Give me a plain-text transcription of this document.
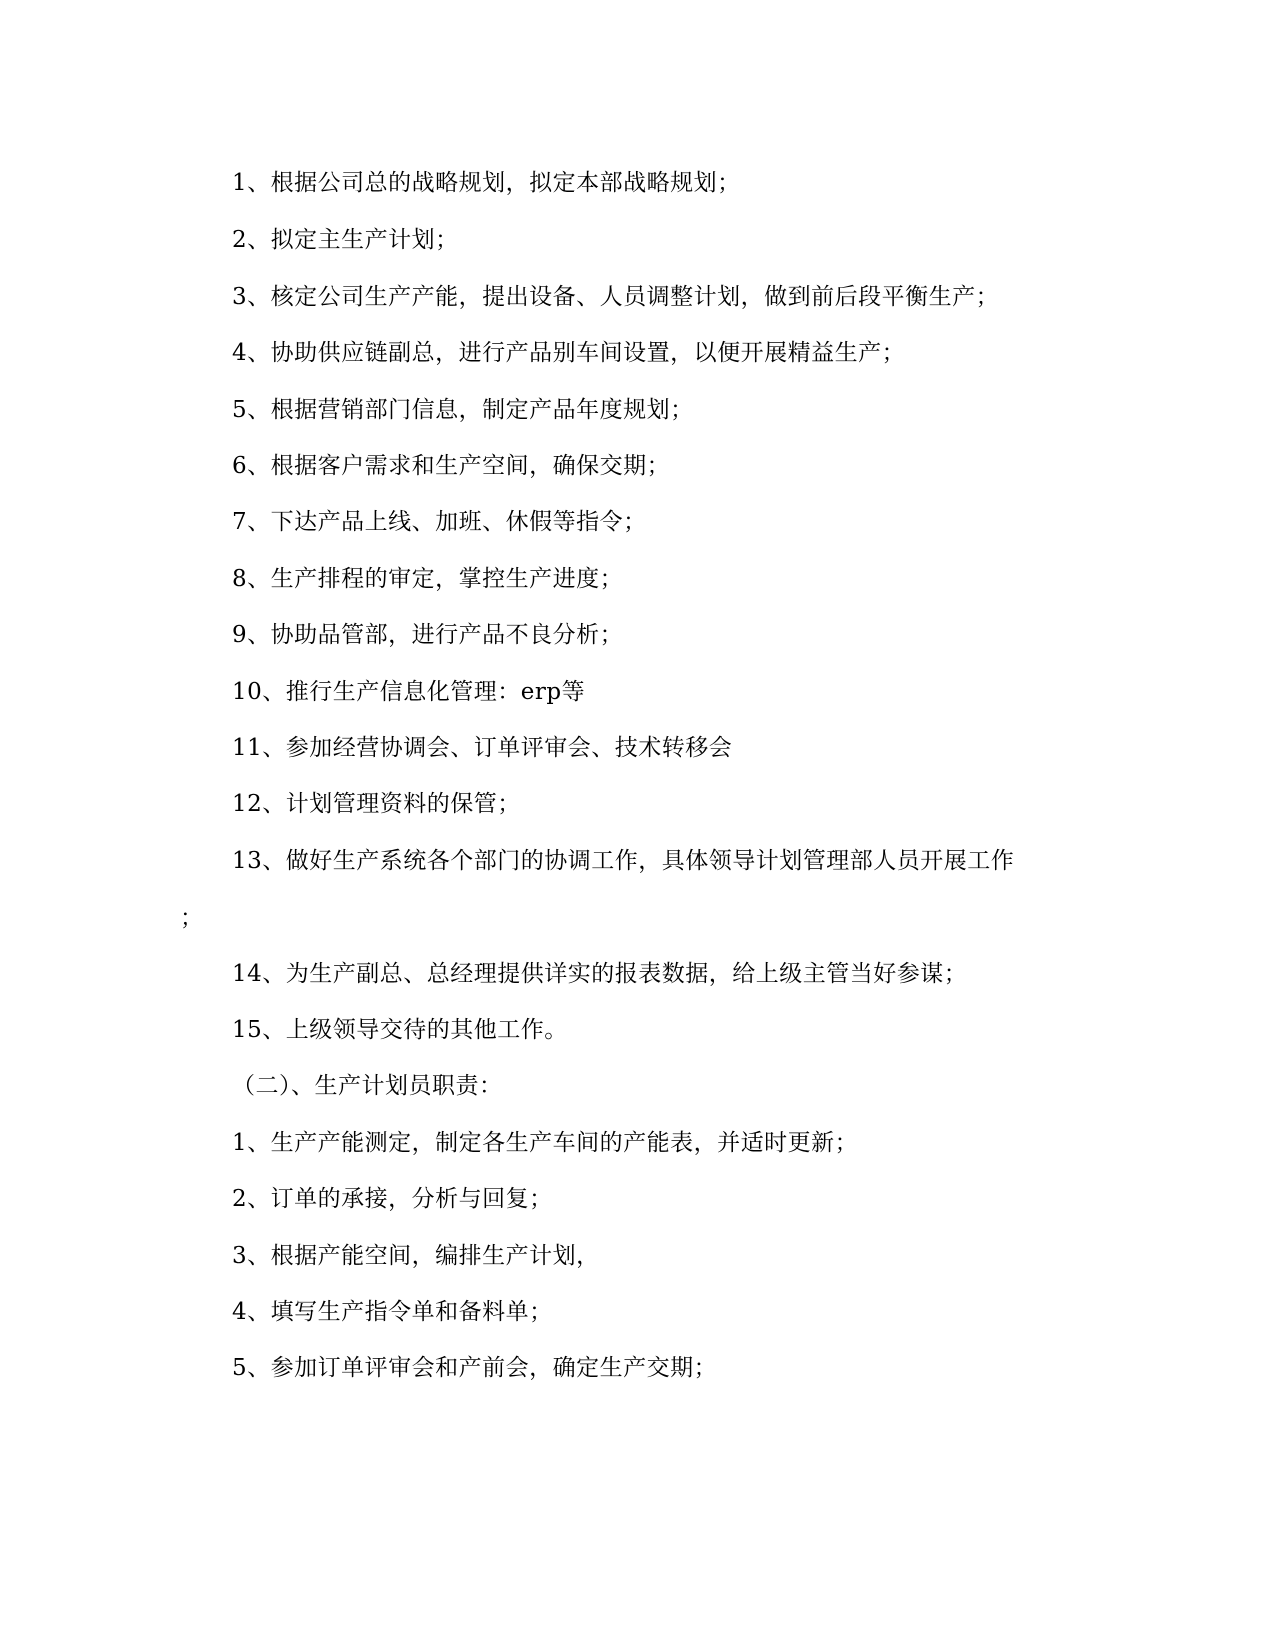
1、根据公司总的战略规划，拟定本部战略规划；
2、拟定主生产计划；
3、核定公司生产产能，提出设备、人员调整计划，做到前后段平衡生产；
4、协助供应链副总，进行产品别车间设置，以便开展精益生产；
5、根据营销部门信息，制定产品年度规划；
6、根据客户需求和生产空间，确保交期；
7、下达产品上线、加班、休假等指令；
8、生产排程的审定，掌控生产进度；
9、协助品管部，进行产品不良分析；
10、推行生产信息化管理：erp等
11、参加经营协调会、订单评审会、技术转移会
12、计划管理资料的保管；
13、做好生产系统各个部门的协调工作，具体领导计划管理部人员开展工作
；
14、为生产副总、总经理提供详实的报表数据，给上级主管当好参谋；
15、上级领导交待的其他工作。
（二）、生产计划员职责：
1、生产产能测定，制定各生产车间的产能表，并适时更新；
2、订单的承接，分析与回复；
3、根据产能空间，编排生产计划，
4、填写生产指令单和备料单；
5、参加订单评审会和产前会，确定生产交期；
